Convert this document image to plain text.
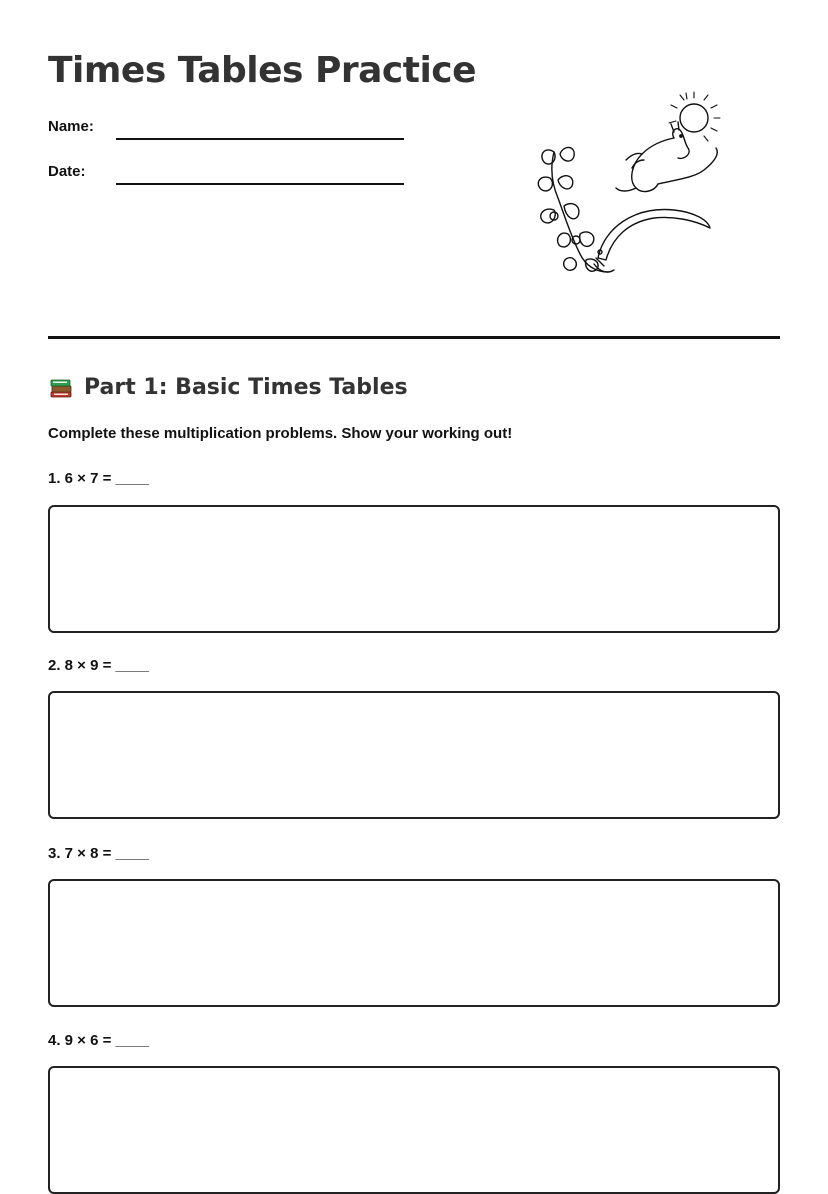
Times Tables Practice
Name:
Date:
Part 1: Basic Times Tables
Complete these multiplication problems. Show your working out!
1. 6 × 7 = ____
2. 8 × 9 = ____
3. 7 × 8 = ____
4. 9 × 6 = ____
